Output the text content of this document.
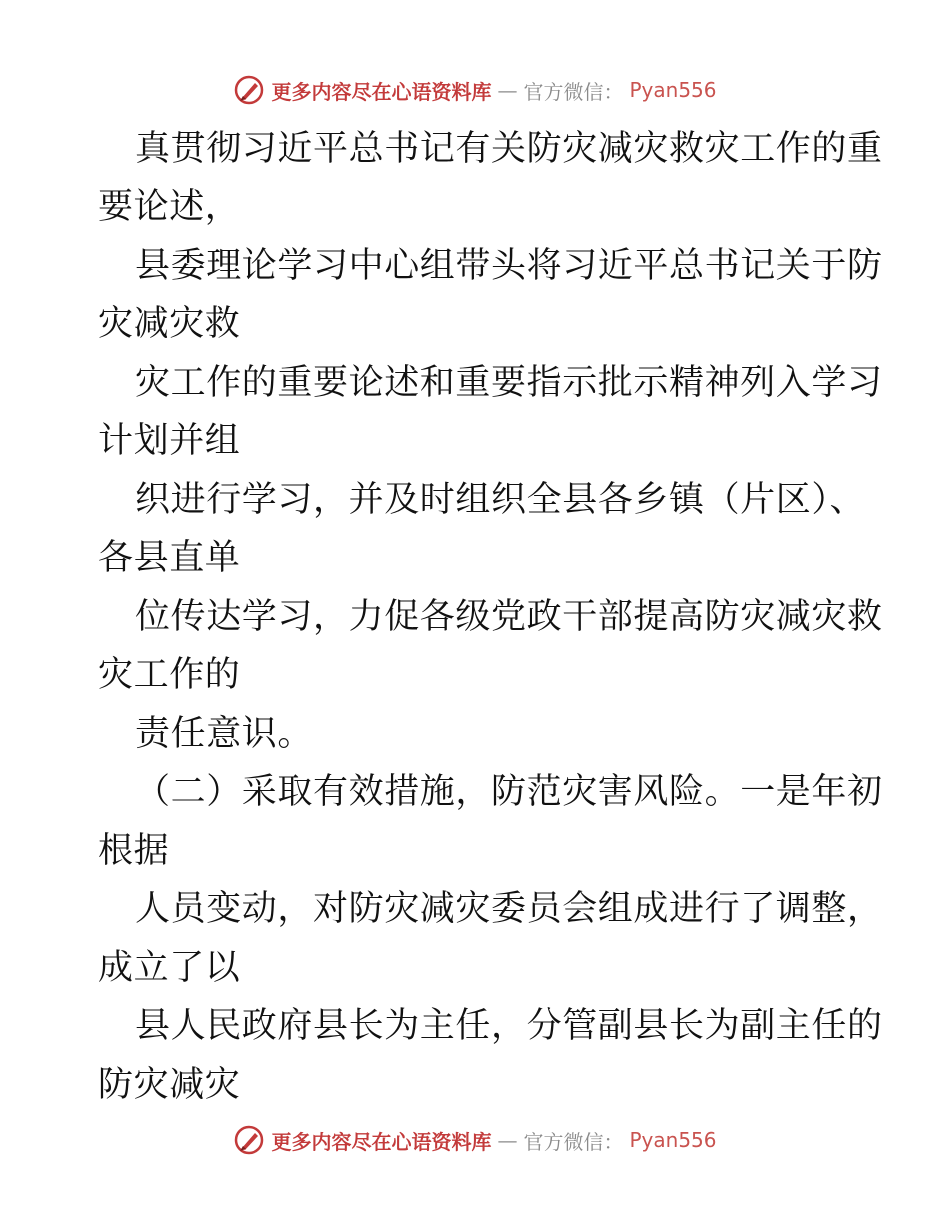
更多内容尽在心语资料库 — 官方微信： Pyan556
真贯彻习近平总书记有关防灾减灾救灾工作的重
要论述，
县委理论学习中心组带头将习近平总书记关于防
灾减灾救
灾工作的重要论述和重要指示批示精神列入学习
计划并组
织进行学习，并及时组织全县各乡镇（片区）、
各县直单
位传达学习，力促各级党政干部提高防灾减灾救
灾工作的
责任意识。
（二）采取有效措施，防范灾害风险。一是年初
根据
人员变动，对防灾减灾委员会组成进行了调整，
成立了以
县人民政府县长为主任，分管副县长为副主任的
防灾减灾
更多内容尽在心语资料库 — 官方微信： Pyan556
